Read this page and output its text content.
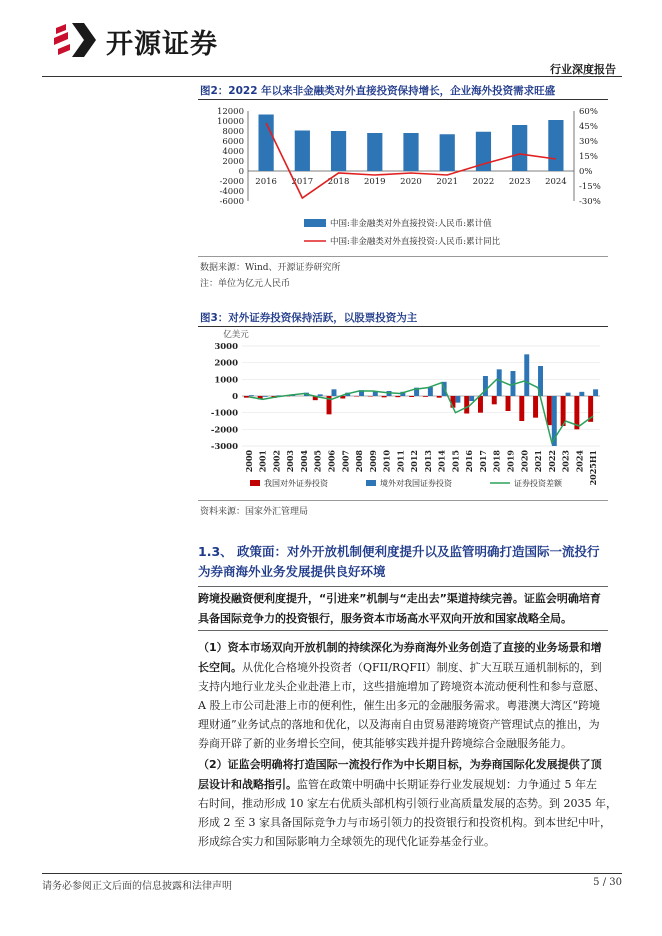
开源证券
行业深度报告
图2：2022 年以来非金融类对外直接投资保持增长，企业海外投资需求旺盛
12000
10000
8000
6000
4000
2000
0
-2000
-4000
-6000
60%
45%
30%
15%
0%
-15%
-30%
2016 2017 2018 2019 2020 2021 2022 2023 2024
中国:非金融类对外直接投资:人民币:累计值
中国:非金融类对外直接投资:人民币:累计同比
数据来源：Wind、开源证券研究所
注：单位为亿元人民币
图3：对外证券投资保持活跃，以股票投资为主
亿美元
3000
2000
1000
0
-1000
-2000
-3000
2000 2001 2002 2003 2004 2005 2006 2007 2008 2009 2010 2011 2012 2013 2014 2015 2016 2017 2018 2019 2020 2021 2022 2023 2024 2025H1
我国对外证券投资	境外对我国证券投资	证券投资差额
资料来源：国家外汇管理局
1.3、 政策面：对外开放机制便利度提升以及监管明确打造国际一流投行
为券商海外业务发展提供良好环境
跨境投融资便利度提升，“引进来”机制与“走出去”渠道持续完善。证监会明确培育
具备国际竞争力的投资银行，服务资本市场高水平双向开放和国家战略全局。
（1）资本市场双向开放机制的持续深化为券商海外业务创造了直接的业务场景和增
长空间。从优化合格境外投资者（QFII/RQFII）制度、扩大互联互通机制标的，到
支持内地行业龙头企业赴港上市，这些措施增加了跨境资本流动便利性和参与意愿、
A 股上市公司赴港上市的便利性，催生出多元的金融服务需求。粤港澳大湾区“跨境
理财通”业务试点的落地和优化，以及海南自由贸易港跨境资产管理试点的推出，为
券商开辟了新的业务增长空间，使其能够实践并提升跨境综合金融服务能力。
（2）证监会明确将打造国际一流投行作为中长期目标，为券商国际化发展提供了顶
层设计和战略指引。监管在政策中明确中长期证券行业发展规划：力争通过 5 年左
右时间，推动形成 10 家左右优质头部机构引领行业高质量发展的态势。到 2035 年，
形成 2 至 3 家具备国际竞争力与市场引领力的投资银行和投资机构。到本世纪中叶，
形成综合实力和国际影响力全球领先的现代化证券基金行业。
请务必参阅正文后面的信息披露和法律声明	5 / 30
